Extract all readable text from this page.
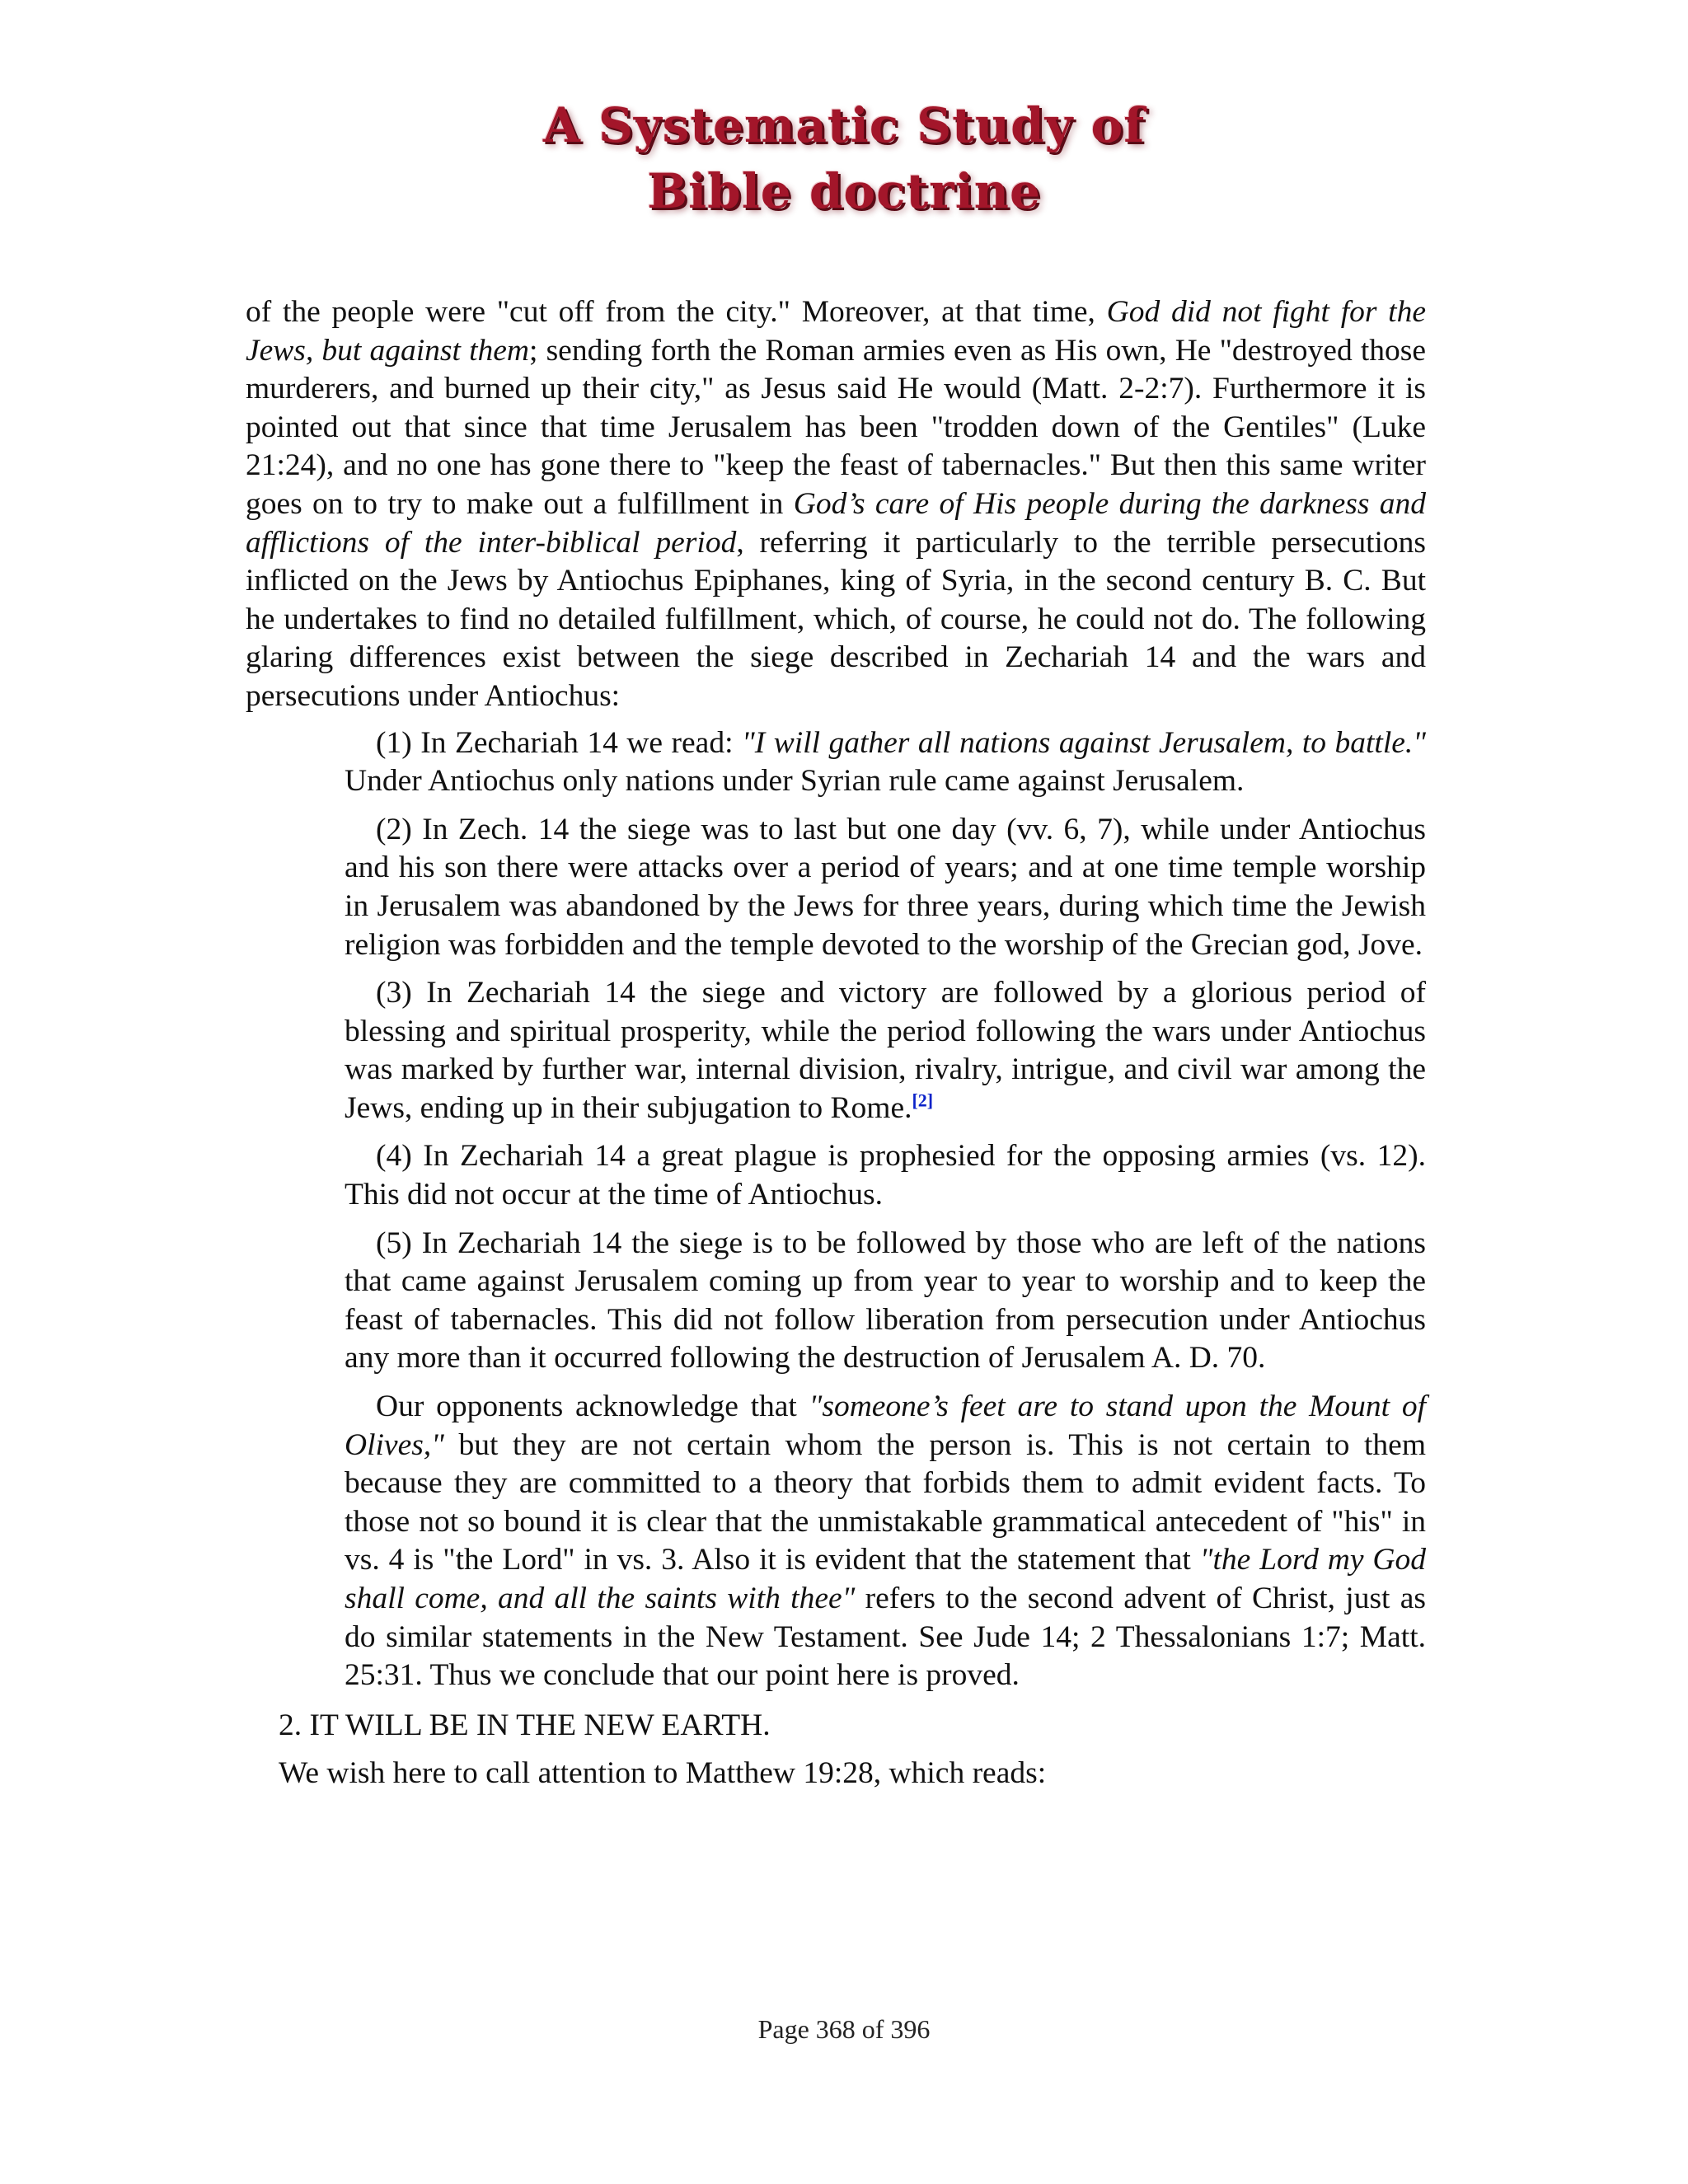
A Systematic Study of
Bible doctrine

of the people were "cut off from the city." Moreover, at that time, God did not fight for the Jews, but against them; sending forth the Roman armies even as His own, He "destroyed those murderers, and burned up their city," as Jesus said He would (Matt. 2-2:7). Furthermore it is pointed out that since that time Jerusalem has been "trodden down of the Gentiles" (Luke 21:24), and no one has gone there to "keep the feast of tabernacles." But then this same writer goes on to try to make out a fulfillment in God’s care of His people during the darkness and afflictions of the inter-biblical period, referring it particularly to the terrible persecutions inflicted on the Jews by Antiochus Epiphanes, king of Syria, in the second century B. C. But he undertakes to find no detailed fulfillment, which, of course, he could not do. The following glaring differences exist between the siege described in Zechariah 14 and the wars and persecutions under Antiochus:

(1) In Zechariah 14 we read: "I will gather all nations against Jerusalem, to battle." Under Antiochus only nations under Syrian rule came against Jerusalem.

(2) In Zech. 14 the siege was to last but one day (vv. 6, 7), while under Antiochus and his son there were attacks over a period of years; and at one time temple worship in Jerusalem was abandoned by the Jews for three years, during which time the Jewish religion was forbidden and the temple devoted to the worship of the Grecian god, Jove.

(3) In Zechariah 14 the siege and victory are followed by a glorious period of blessing and spiritual prosperity, while the period following the wars under Antiochus was marked by further war, internal division, rivalry, intrigue, and civil war among the Jews, ending up in their subjugation to Rome.[2]

(4) In Zechariah 14 a great plague is prophesied for the opposing armies (vs. 12). This did not occur at the time of Antiochus.

(5) In Zechariah 14 the siege is to be followed by those who are left of the nations that came against Jerusalem coming up from year to year to worship and to keep the feast of tabernacles. This did not follow liberation from persecution under Antiochus any more than it occurred following the destruction of Jerusalem A. D. 70.

Our opponents acknowledge that "someone’s feet are to stand upon the Mount of Olives," but they are not certain whom the person is. This is not certain to them because they are committed to a theory that forbids them to admit evident facts. To those not so bound it is clear that the unmistakable grammatical antecedent of "his" in vs. 4 is "the Lord" in vs. 3. Also it is evident that the statement that "the Lord my God shall come, and all the saints with thee" refers to the second advent of Christ, just as do similar statements in the New Testament. See Jude 14; 2 Thessalonians 1:7; Matt. 25:31. Thus we conclude that our point here is proved.

2. IT WILL BE IN THE NEW EARTH.

We wish here to call attention to Matthew 19:28, which reads:

Page 368 of 396
